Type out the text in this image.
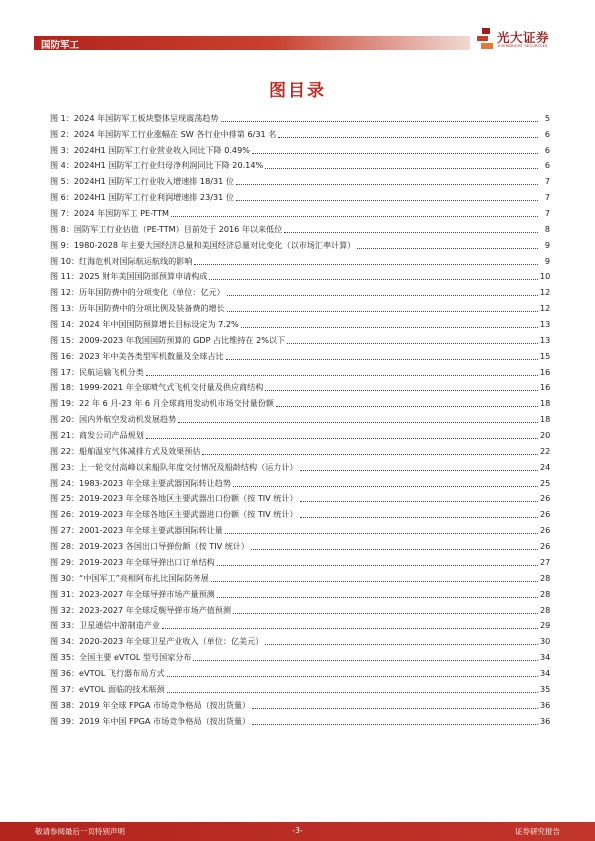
国防军工
光大证券
EVERBRIGHT SECURITIES
图目录
图 1：2024 年国防军工板块整体呈现震荡趋势	5
图 2：2024 年国防军工行业涨幅在 SW 各行业中排第 6/31 名	6
图 3：2024H1 国防军工行业营业收入同比下降 0.49%	6
图 4：2024H1 国防军工行业归母净利润同比下降 20.14%	6
图 5：2024H1 国防军工行业收入增速排 18/31 位	7
图 6：2024H1 国防军工行业利润增速排 23/31 位	7
图 7：2024 年国防军工 PE-TTM	7
图 8：国防军工行业估值（PE-TTM）目前处于 2016 年以来低位	8
图 9：1980-2028 年主要大国经济总量和美国经济总量对比变化（以市场汇率计算）	9
图 10：红海危机对国际航运航线的影响	9
图 11：2025 财年美国国防部预算申请构成	10
图 12：历年国防费中的分项变化（单位：亿元）	12
图 13：历年国防费中的分项比例及装备费的增长	12
图 14：2024 年中国国防预算增长目标设定为 7.2%	13
图 15：2009-2023 年我国国防预算的 GDP 占比维持在 2%以下	13
图 16：2023 年中美各类型军机数量及全球占比	15
图 17：民航运输飞机分类	16
图 18：1999-2021 年全球喷气式飞机交付量及供应商结构	16
图 19：22 年 6 月-23 年 6 月全球商用发动机市场交付量份额	18
图 20：国内外航空发动机发展趋势	18
图 21：商发公司产品规划	20
图 22：船舶温室气体减排方式及效果预估	22
图 23：上一轮交付高峰以来船队年度交付情况及船龄结构（运力计）	24
图 24：1983-2023 年全球主要武器国际转让趋势	25
图 25：2019-2023 年全球各地区主要武器出口份额（按 TIV 统计）	26
图 26：2019-2023 年全球各地区主要武器进口份额（按 TIV 统计）	26
图 27：2001-2023 年全球主要武器国际转让量	26
图 28：2019-2023 各国出口导弹份额（按 TIV 统计）	26
图 29：2019-2023 年全球导弹出口订单结构	27
图 30：“中国军工”亮相阿布扎比国际防务展	28
图 31：2023-2027 年全球导弹市场产量预测	28
图 32：2023-2027 年全球反舰导弹市场产值预测	28
图 33：卫星通信中游制造产业	29
图 34：2020-2023 年全球卫星产业收入（单位：亿美元）	30
图 35：全国主要 eVTOL 型号国家分布	34
图 36：eVTOL 飞行器布局方式	34
图 37：eVTOL 面临的技术瓶颈	35
图 38：2019 年全球 FPGA 市场竞争格局（按出货量）	36
图 39：2019 年中国 FPGA 市场竞争格局（按出货量）	36
敬请参阅最后一页特别声明	-3-	证券研究报告
